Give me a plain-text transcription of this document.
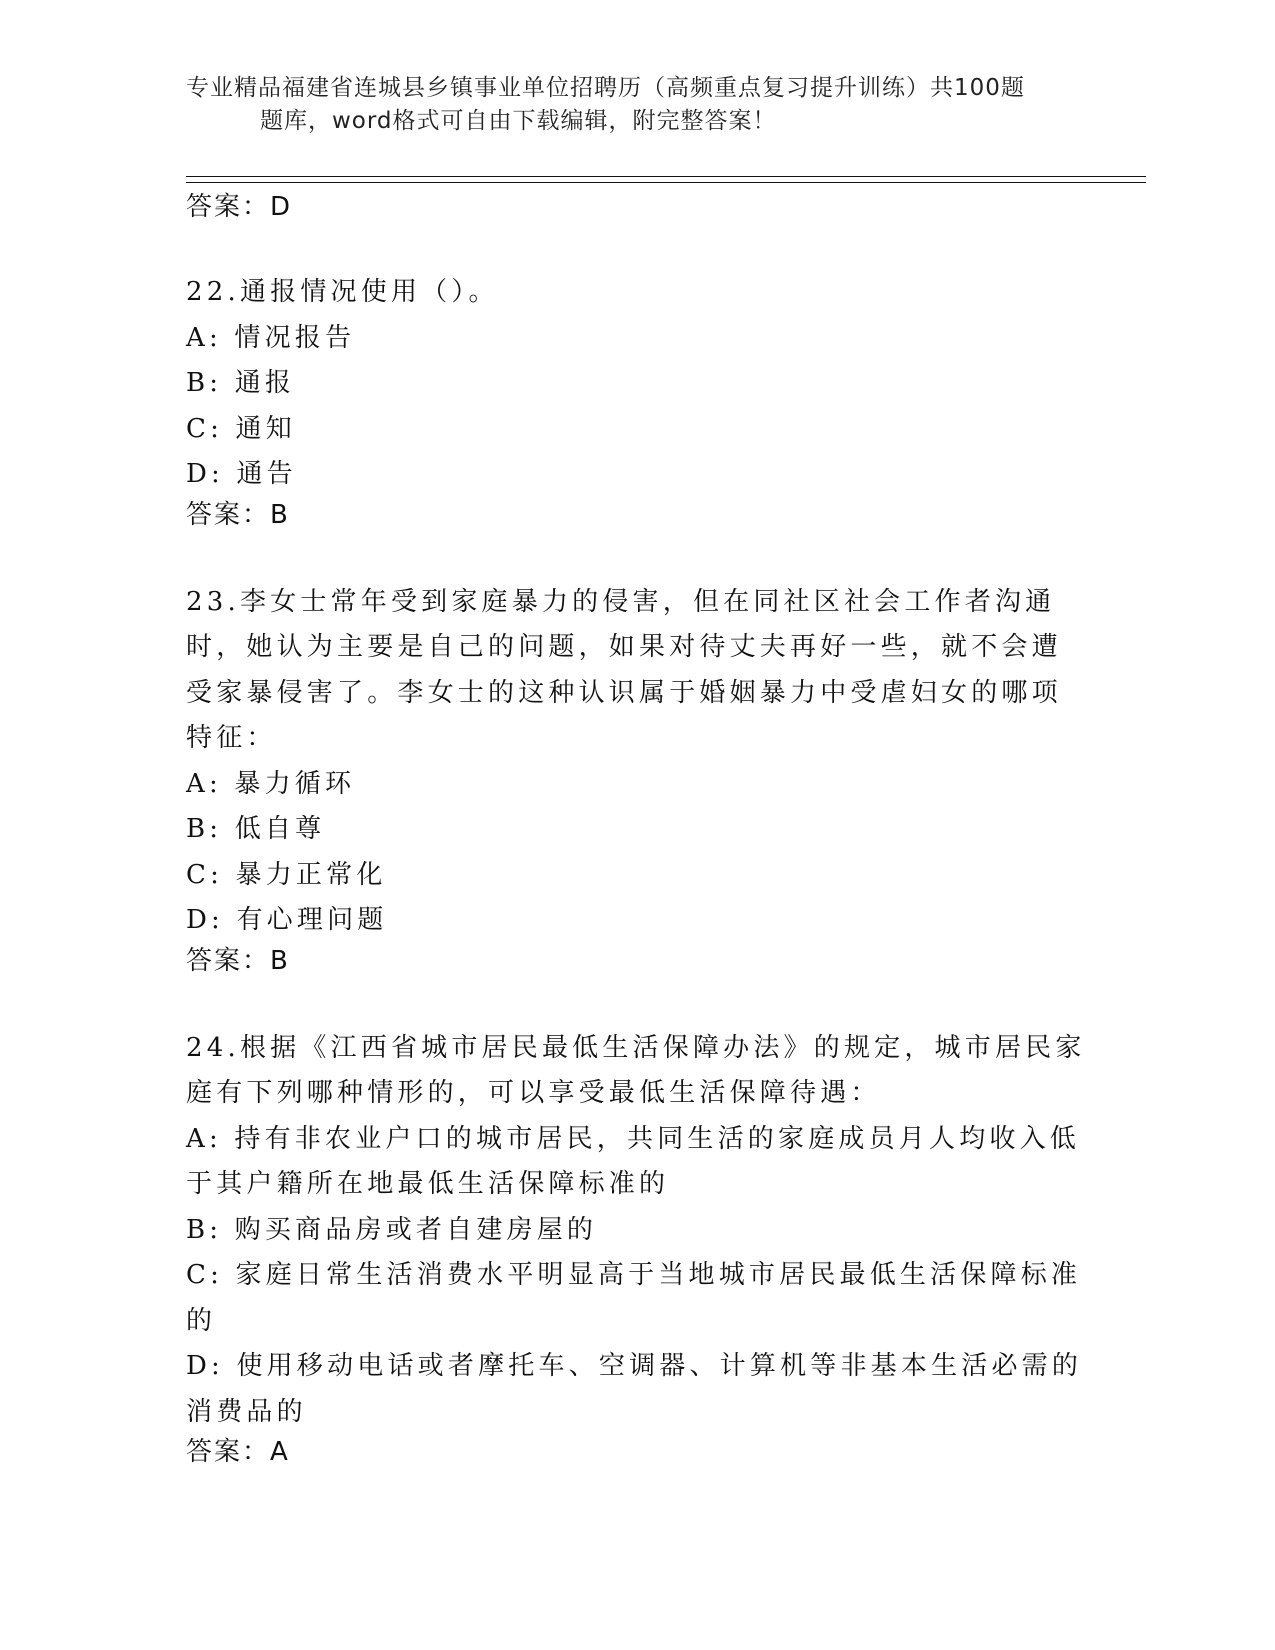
专业精品福建省连城县乡镇事业单位招聘历（高频重点复习提升训练）共100题
题库，word格式可自由下载编辑，附完整答案！

答案：D

22.通报情况使用（）。

A: 情况报告

B: 通报

C: 通知

D: 通告

答案：B

23.李女士常年受到家庭暴力的侵害，但在同社区社会工作者沟通时，她认为主要是自己的问题，如果对待丈夫再好一些，就不会遭受家暴侵害了。李女士的这种认识属于婚姻暴力中受虐妇女的哪项特征：

A: 暴力循环

B: 低自尊

C: 暴力正常化

D: 有心理问题

答案：B

24.根据《江西省城市居民最低生活保障办法》的规定，城市居民家庭有下列哪种情形的，可以享受最低生活保障待遇：

A: 持有非农业户口的城市居民，共同生活的家庭成员月人均收入低于其户籍所在地最低生活保障标准的

B: 购买商品房或者自建房屋的

C: 家庭日常生活消费水平明显高于当地城市居民最低生活保障标准的

D: 使用移动电话或者摩托车、空调器、计算机等非基本生活必需的消费品的

答案：A
